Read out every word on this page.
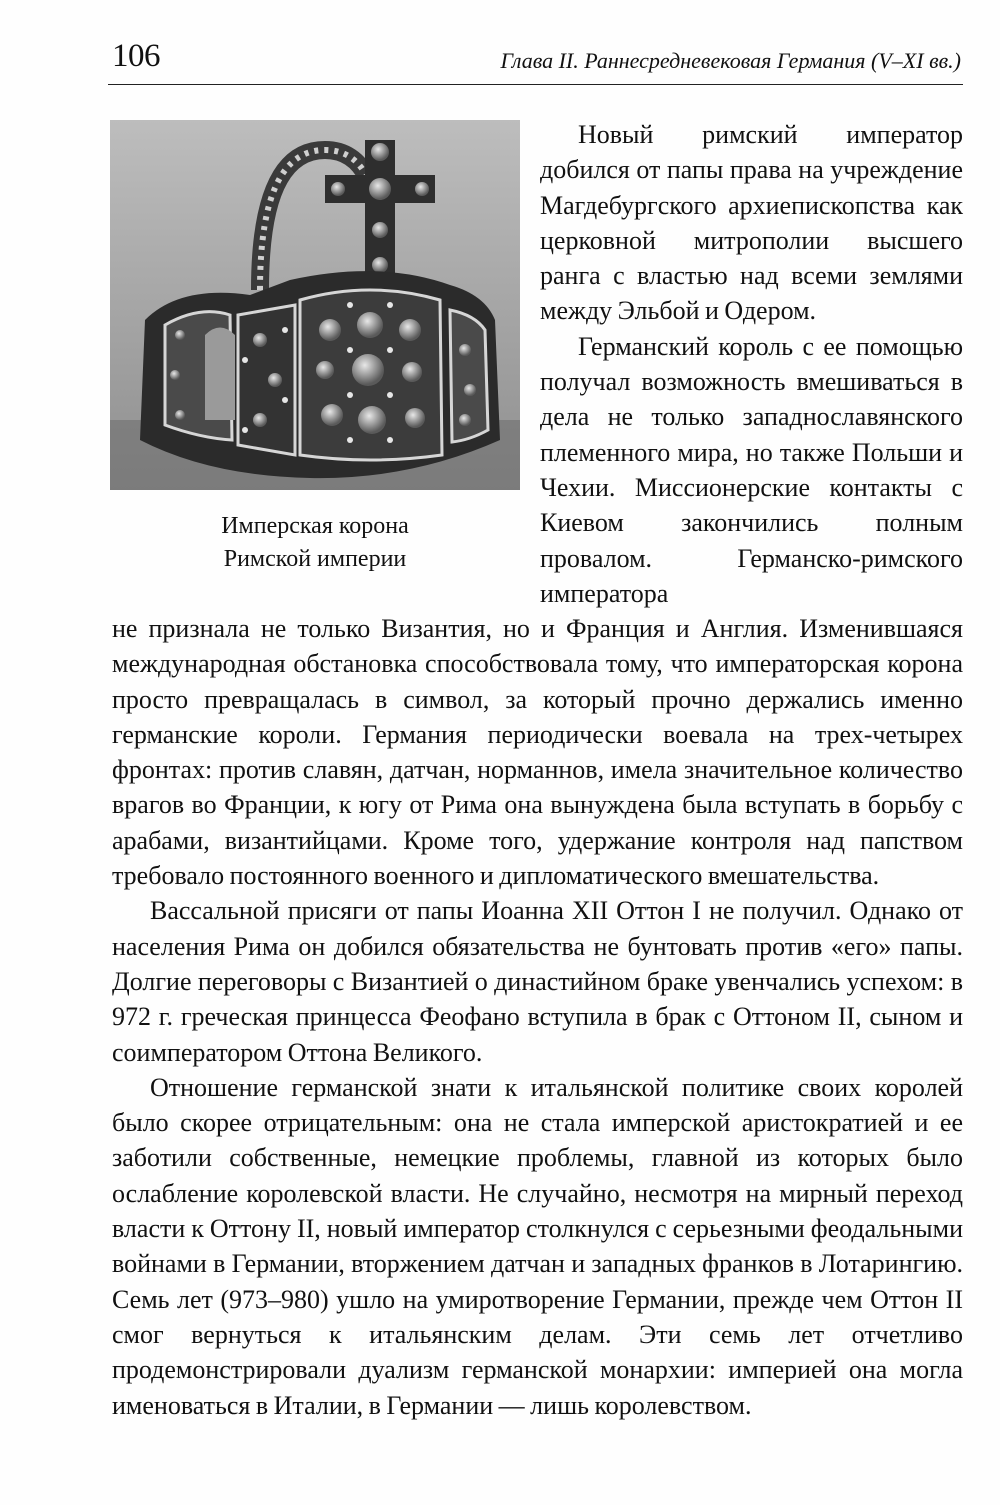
106	Глава II. Раннесредневековая Германия (V–XI вв.)
Имперская корона
Римской империи

Новый римский император добился от папы права на учреждение Магдебургского архиепископства как церковной митрополии высшего ранга с властью над всеми землями между Эльбой и Одером.

Германский король с ее помощью получал возможность вмешиваться в дела не только западнославянского племенного мира, но также Польши и Чехии. Миссионерские контакты с Киевом закончились полным провалом. Германско-римского императора

не признала не только Византия, но и Франция и Англия. Изменившаяся международная обстановка способствовала тому, что императорская корона просто превращалась в символ, за который прочно держались именно германские короли. Германия периодически воевала на трех-четырех фронтах: против славян, датчан, норманнов, имела значительное количество врагов во Франции, к югу от Рима она вынуждена была вступать в борьбу с арабами, византийцами. Кроме того, удержание контроля над папством требовало постоянного военного и дипломатического вмешательства.

Вассальной присяги от папы Иоанна XII Оттон I не получил. Однако от населения Рима он добился обязательства не бунтовать против «его» папы. Долгие переговоры с Византией о династийном браке увенчались успехом: в 972 г. греческая принцесса Феофано вступила в брак с Оттоном II, сыном и соимператором Оттона Великого.

Отношение германской знати к итальянской политике своих королей было скорее отрицательным: она не стала имперской аристократией и ее заботили собственные, немецкие проблемы, главной из которых было ослабление королевской власти. Не случайно, несмотря на мирный переход власти к Оттону II, новый император столкнулся с серьезными феодальными войнами в Германии, вторжением датчан и западных франков в Лотарингию. Семь лет (973–980) ушло на умиротворение Германии, прежде чем Оттон II смог вернуться к итальянским делам. Эти семь лет отчетливо продемонстрировали дуализм германской монархии: империей она могла именоваться в Италии, в Германии — лишь королевством.
